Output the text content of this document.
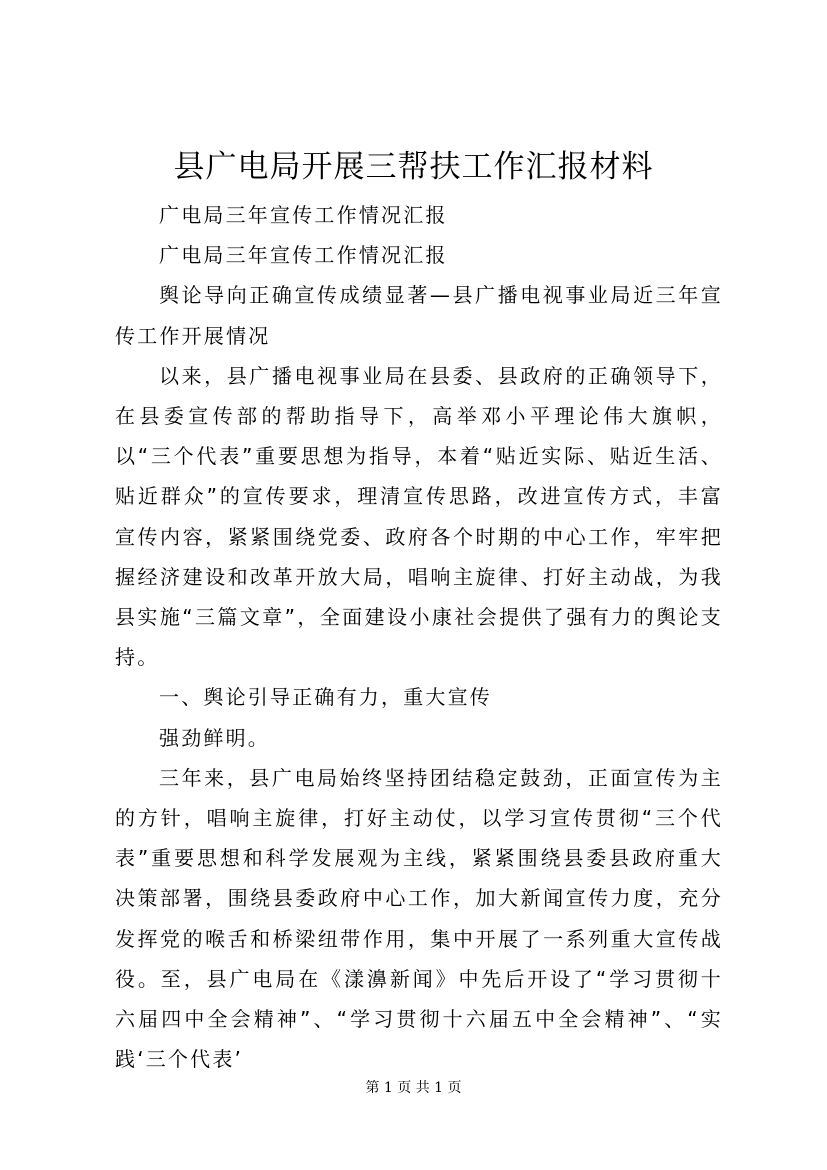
县广电局开展三帮扶工作汇报材料

广电局三年宣传工作情况汇报

广电局三年宣传工作情况汇报

舆论导向正确宣传成绩显著—县广播电视事业局近三年宣传工作开展情况

以来，县广播电视事业局在县委、县政府的正确领导下，在县委宣传部的帮助指导下，高举邓小平理论伟大旗帜，以“三个代表”重要思想为指导，本着“贴近实际、贴近生活、贴近群众”的宣传要求，理清宣传思路，改进宣传方式，丰富宣传内容，紧紧围绕党委、政府各个时期的中心工作，牢牢把握经济建设和改革开放大局，唱响主旋律、打好主动战，为我县实施“三篇文章”，全面建设小康社会提供了强有力的舆论支持。

一、舆论引导正确有力，重大宣传

强劲鲜明。

三年来，县广电局始终坚持团结稳定鼓劲，正面宣传为主的方针，唱响主旋律，打好主动仗，以学习宣传贯彻“三个代表”重要思想和科学发展观为主线，紧紧围绕县委县政府重大决策部署，围绕县委政府中心工作，加大新闻宣传力度，充分发挥党的喉舌和桥梁纽带作用，集中开展了一系列重大宣传战役。至，县广电局在《漾濞新闻》中先后开设了“学习贯彻十六届四中全会精神”、“学习贯彻十六届五中全会精神”、“实践‘三个代表’

第 1 页 共 1 页
